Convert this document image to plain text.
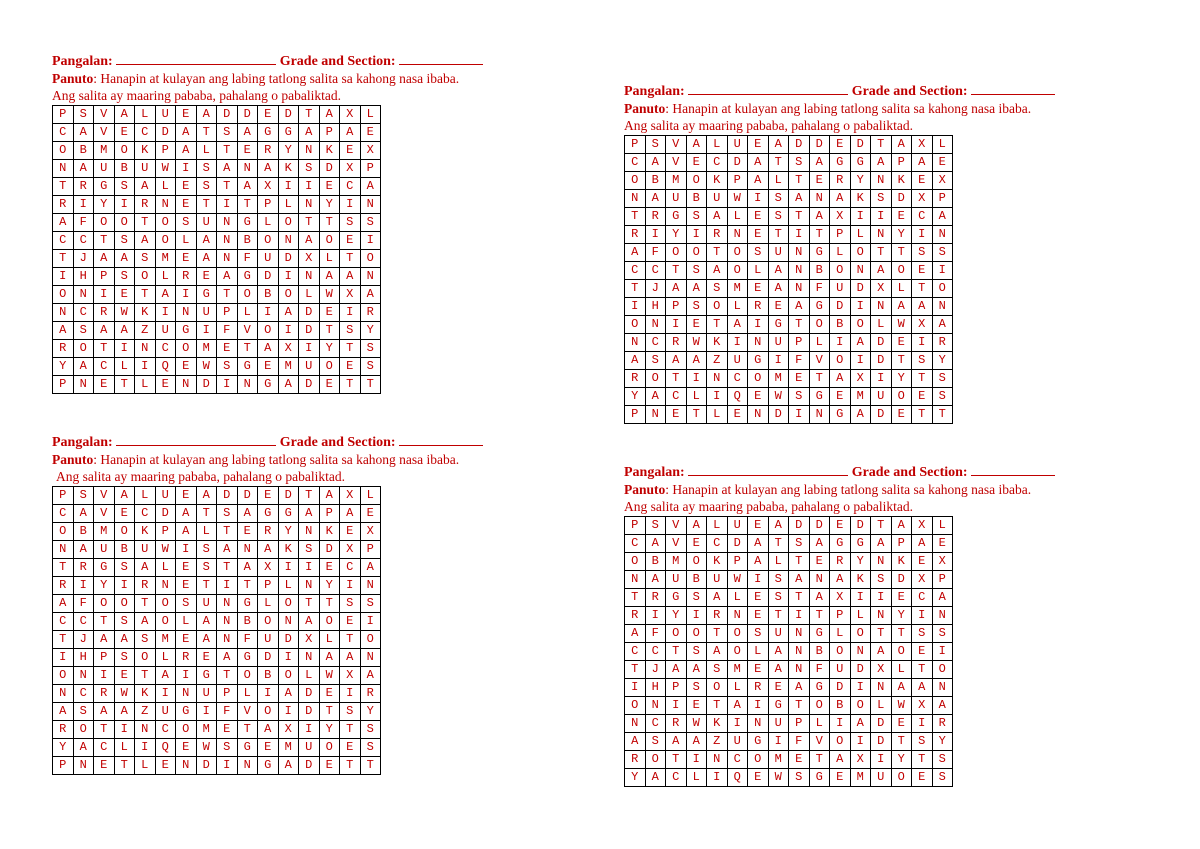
Pangalan:	Grade and Section:
Panuto: Hanapin at kulayan ang labing tatlong salita sa kahong nasa ibaba.
Ang salita ay maaring pababa, pahalang o pabaliktad.
P	S	V	A	L	U	E	A	D	D	E	D	T	A	X	L
C	A	V	E	C	D	A	T	S	A	G	G	A	P	A	E
O	B	M	O	K	P	A	L	T	E	R	Y	N	K	E	X
N	A	U	B	U	W	I	S	A	N	A	K	S	D	X	P
T	R	G	S	A	L	E	S	T	A	X	I	I	E	C	A
R	I	Y	I	R	N	E	T	I	T	P	L	N	Y	I	N
A	F	O	O	T	O	S	U	N	G	L	O	T	T	S	S
C	C	T	S	A	O	L	A	N	B	O	N	A	O	E	I
T	J	A	A	S	M	E	A	N	F	U	D	X	L	T	O
I	H	P	S	O	L	R	E	A	G	D	I	N	A	A	N
O	N	I	E	T	A	I	G	T	O	B	O	L	W	X	A
N	C	R	W	K	I	N	U	P	L	I	A	D	E	I	R
A	S	A	A	Z	U	G	I	F	V	O	I	D	T	S	Y
R	O	T	I	N	C	O	M	E	T	A	X	I	Y	T	S
Y	A	C	L	I	Q	E	W	S	G	E	M	U	O	E	S
P	N	E	T	L	E	N	D	I	N	G	A	D	E	T	T
Pangalan:	Grade and Section:
Panuto: Hanapin at kulayan ang labing tatlong salita sa kahong nasa ibaba.
Ang salita ay maaring pababa, pahalang o pabaliktad.
P	S	V	A	L	U	E	A	D	D	E	D	T	A	X	L
C	A	V	E	C	D	A	T	S	A	G	G	A	P	A	E
O	B	M	O	K	P	A	L	T	E	R	Y	N	K	E	X
N	A	U	B	U	W	I	S	A	N	A	K	S	D	X	P
T	R	G	S	A	L	E	S	T	A	X	I	I	E	C	A
R	I	Y	I	R	N	E	T	I	T	P	L	N	Y	I	N
A	F	O	O	T	O	S	U	N	G	L	O	T	T	S	S
C	C	T	S	A	O	L	A	N	B	O	N	A	O	E	I
T	J	A	A	S	M	E	A	N	F	U	D	X	L	T	O
I	H	P	S	O	L	R	E	A	G	D	I	N	A	A	N
O	N	I	E	T	A	I	G	T	O	B	O	L	W	X	A
N	C	R	W	K	I	N	U	P	L	I	A	D	E	I	R
A	S	A	A	Z	U	G	I	F	V	O	I	D	T	S	Y
R	O	T	I	N	C	O	M	E	T	A	X	I	Y	T	S
Y	A	C	L	I	Q	E	W	S	G	E	M	U	O	E	S
P	N	E	T	L	E	N	D	I	N	G	A	D	E	T	T
Pangalan:	Grade and Section:
Panuto: Hanapin at kulayan ang labing tatlong salita sa kahong nasa ibaba.
Ang salita ay maaring pababa, pahalang o pabaliktad.
P	S	V	A	L	U	E	A	D	D	E	D	T	A	X	L
C	A	V	E	C	D	A	T	S	A	G	G	A	P	A	E
O	B	M	O	K	P	A	L	T	E	R	Y	N	K	E	X
N	A	U	B	U	W	I	S	A	N	A	K	S	D	X	P
T	R	G	S	A	L	E	S	T	A	X	I	I	E	C	A
R	I	Y	I	R	N	E	T	I	T	P	L	N	Y	I	N
A	F	O	O	T	O	S	U	N	G	L	O	T	T	S	S
C	C	T	S	A	O	L	A	N	B	O	N	A	O	E	I
T	J	A	A	S	M	E	A	N	F	U	D	X	L	T	O
I	H	P	S	O	L	R	E	A	G	D	I	N	A	A	N
O	N	I	E	T	A	I	G	T	O	B	O	L	W	X	A
N	C	R	W	K	I	N	U	P	L	I	A	D	E	I	R
A	S	A	A	Z	U	G	I	F	V	O	I	D	T	S	Y
R	O	T	I	N	C	O	M	E	T	A	X	I	Y	T	S
Y	A	C	L	I	Q	E	W	S	G	E	M	U	O	E	S
P	N	E	T	L	E	N	D	I	N	G	A	D	E	T	T
Pangalan:	Grade and Section:
Panuto: Hanapin at kulayan ang labing tatlong salita sa kahong nasa ibaba.
Ang salita ay maaring pababa, pahalang o pabaliktad.
P	S	V	A	L	U	E	A	D	D	E	D	T	A	X	L
C	A	V	E	C	D	A	T	S	A	G	G	A	P	A	E
O	B	M	O	K	P	A	L	T	E	R	Y	N	K	E	X
N	A	U	B	U	W	I	S	A	N	A	K	S	D	X	P
T	R	G	S	A	L	E	S	T	A	X	I	I	E	C	A
R	I	Y	I	R	N	E	T	I	T	P	L	N	Y	I	N
A	F	O	O	T	O	S	U	N	G	L	O	T	T	S	S
C	C	T	S	A	O	L	A	N	B	O	N	A	O	E	I
T	J	A	A	S	M	E	A	N	F	U	D	X	L	T	O
I	H	P	S	O	L	R	E	A	G	D	I	N	A	A	N
O	N	I	E	T	A	I	G	T	O	B	O	L	W	X	A
N	C	R	W	K	I	N	U	P	L	I	A	D	E	I	R
A	S	A	A	Z	U	G	I	F	V	O	I	D	T	S	Y
R	O	T	I	N	C	O	M	E	T	A	X	I	Y	T	S
Y	A	C	L	I	Q	E	W	S	G	E	M	U	O	E	S
